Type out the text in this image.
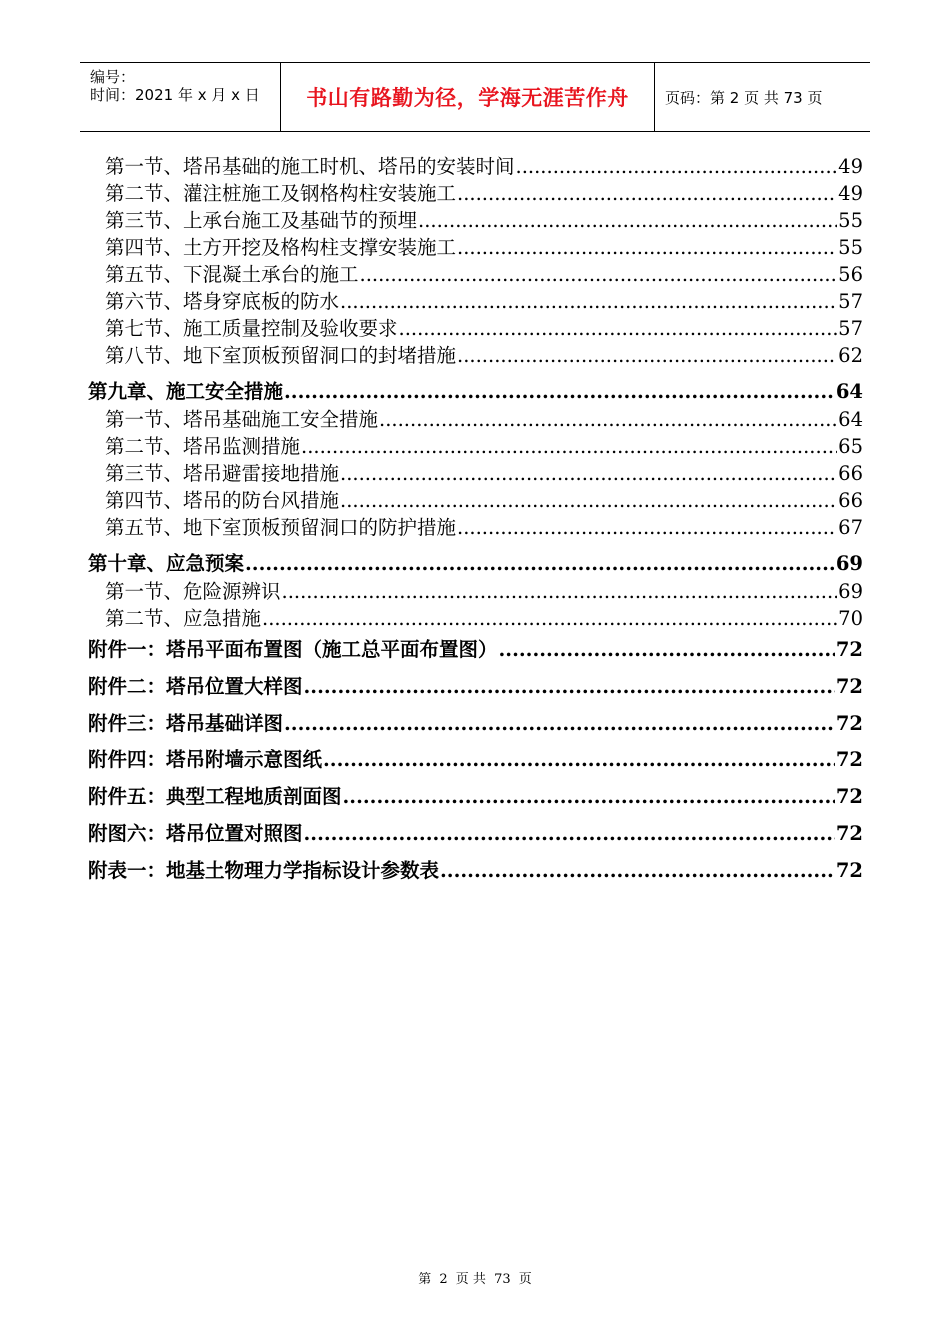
编号：
时间：2021 年 x 月 x 日 书山有路勤为径，学海无涯苦作舟 页码：第 2 页 共 73 页
第一节、塔吊基础的施工时机、塔吊的安装时间 .....	49
第二节、灌注桩施工及钢格构柱安装施工 .....	49
第三节、上承台施工及基础节的预埋 .....	55
第四节、土方开挖及格构柱支撑安装施工 .....	55
第五节、下混凝土承台的施工 .....	56
第六节、塔身穿底板的防水 .....	57
第七节、施工质量控制及验收要求 .....	57
第八节、地下室顶板预留洞口的封堵措施 .....	62
第九章、施工安全措施 .....	64
第一节、塔吊基础施工安全措施 .....	64
第二节、塔吊监测措施 .....	65
第三节、塔吊避雷接地措施 .....	66
第四节、塔吊的防台风措施 .....	66
第五节、地下室顶板预留洞口的防护措施 .....	67
第十章、应急预案 .....	69
第一节、危险源辨识 .....	69
第二节、应急措施 .....	70
附件一：塔吊平面布置图（施工总平面布置图） .....	72
附件二：塔吊位置大样图 .....	72
附件三：塔吊基础详图 .....	72
附件四：塔吊附墙示意图纸 .....	72
附件五：典型工程地质剖面图 .....	72
附图六：塔吊位置对照图 .....	72
附表一：地基土物理力学指标设计参数表 .....	72
第 2 页 共 73 页
